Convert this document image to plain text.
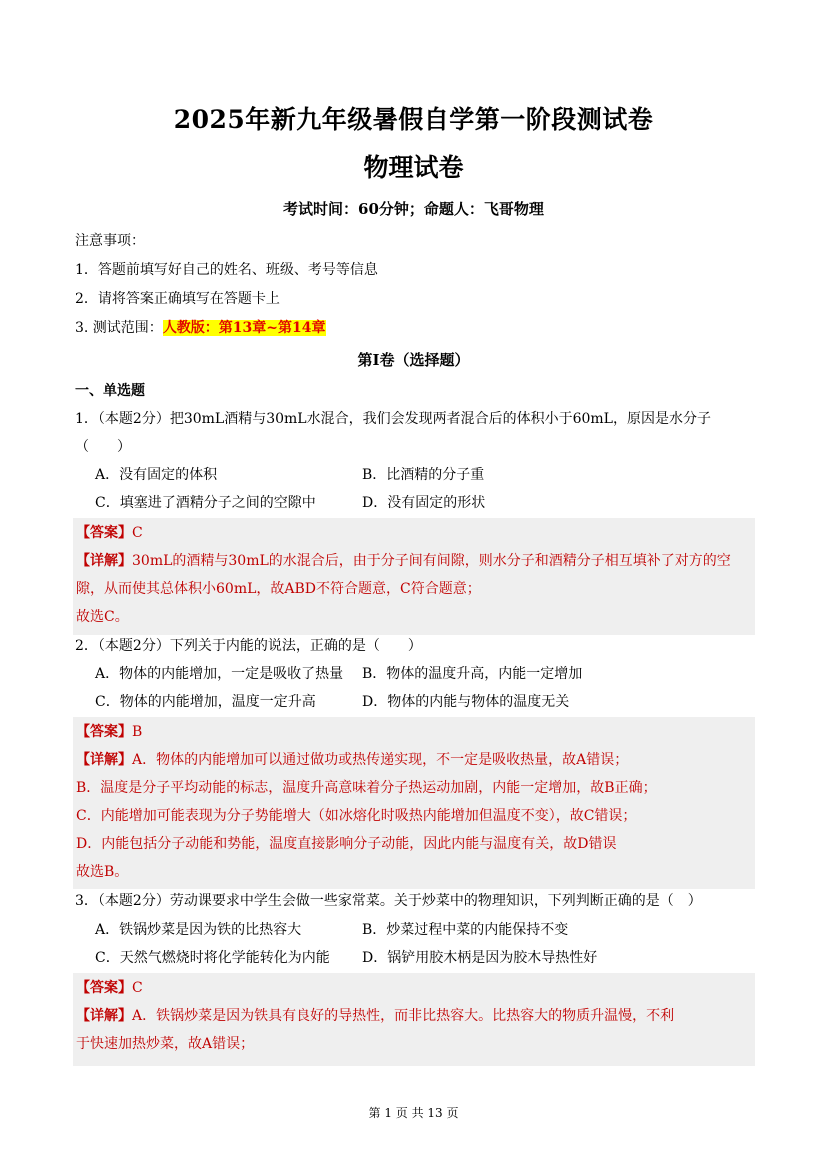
2025年新九年级暑假自学第一阶段测试卷
物理试卷
考试时间：60分钟；命题人：飞哥物理
注意事项：
1．答题前填写好自己的姓名、班级、考号等信息
2．请将答案正确填写在答题卡上
3. 测试范围：人教版：第13章~第14章
第I卷（选择题）
一、单选题
1．（本题2分）把30mL酒精与30mL水混合，我们会发现两者混合后的体积小于60mL，原因是水分子
（　　）
A．没有固定的体积	B．比酒精的分子重
C．填塞进了酒精分子之间的空隙中	D．没有固定的形状
【答案】C
【详解】30mL的酒精与30mL的水混合后，由于分子间有间隙，则水分子和酒精分子相互填补了对方的空
隙，从而使其总体积小60mL，故ABD不符合题意，C符合题意；
故选C。
2．（本题2分）下列关于内能的说法，正确的是（　　）
A．物体的内能增加，一定是吸收了热量 B．物体的温度升高，内能一定增加
C．物体的内能增加，温度一定升高	D．物体的内能与物体的温度无关
【答案】B
【详解】A．物体的内能增加可以通过做功或热传递实现，不一定是吸收热量，故A错误；
B．温度是分子平均动能的标志，温度升高意味着分子热运动加剧，内能一定增加，故B正确；
C．内能增加可能表现为分子势能增大（如冰熔化时吸热内能增加但温度不变），故C错误；
D．内能包括分子动能和势能，温度直接影响分子动能，因此内能与温度有关，故D错误
故选B。
3．（本题2分）劳动课要求中学生会做一些家常菜。关于炒菜中的物理知识，下列判断正确的是（　）
A．铁锅炒菜是因为铁的比热容大	B．炒菜过程中菜的内能保持不变
C．天然气燃烧时将化学能转化为内能 D．锅铲用胶木柄是因为胶木导热性好
【答案】C
【详解】A．铁锅炒菜是因为铁具有良好的导热性，而非比热容大。比热容大的物质升温慢，不利
于快速加热炒菜，故A错误；
第 1 页 共 13 页
